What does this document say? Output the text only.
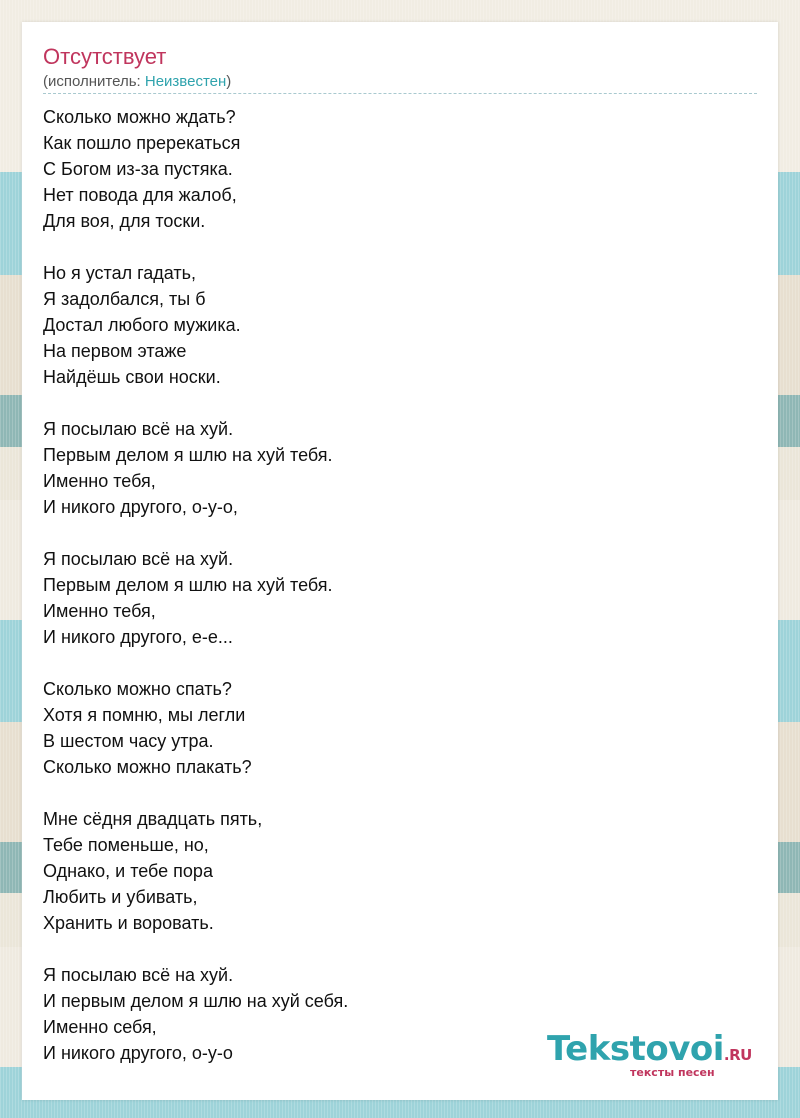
Отсутствует
(исполнитель: Неизвестен)
Сколько можно ждать?
Как пошло пререкаться
С Богом из-за пустяка.
Нет повода для жалоб,
Для воя, для тоски.
Но я устал гадать,
Я задолбался, ты б
Достал любого мужика.
На первом этаже
Найдёшь свои носки.
Я посылаю всё на хуй.
Первым делом я шлю на хуй тебя.
Именно тебя,
И никого другого, о-у-о,
Я посылаю всё на хуй.
Первым делом я шлю на хуй тебя.
Именно тебя,
И никого другого, е-е...
Сколько можно спать?
Хотя я помню, мы легли
В шестом часу утра.
Сколько можно плакать?
Мне сёдня двадцать пять,
Тебе поменьше, но,
Однако, и тебе пора
Любить и убивать,
Хранить и воровать.
Я посылаю всё на хуй.
И первым делом я шлю на хуй себя.
Именно себя,
И никого другого, о-у-о	Tekstovoi.RU
тексты песен
